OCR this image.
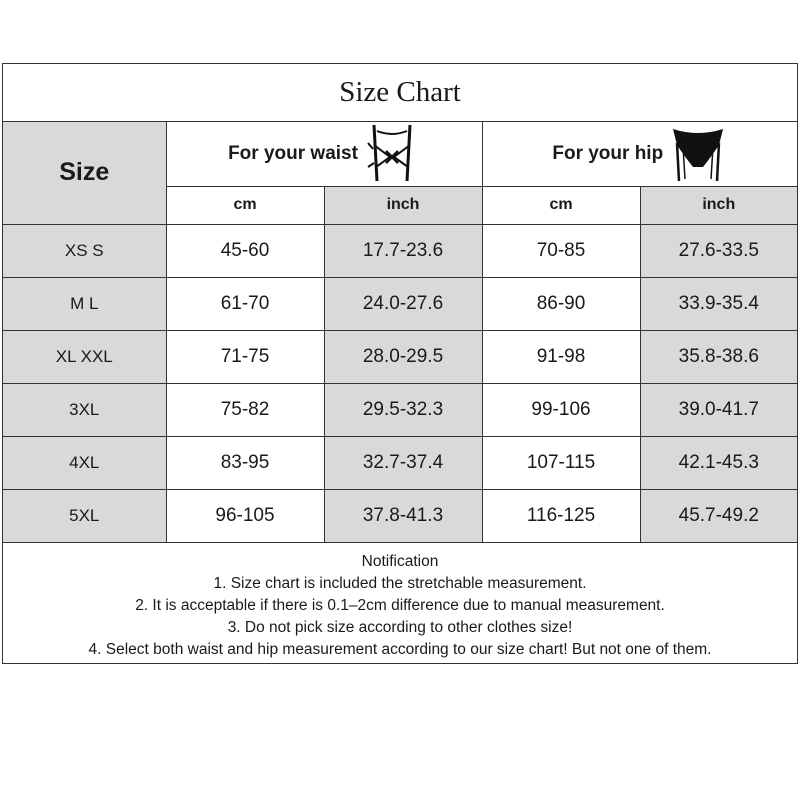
Size Chart
Size	For your waist		For your hip	

	cm	inch	cm	inch
XS S	45-60	17.7-23.6	70-85	27.6-33.5
M L	61-70	24.0-27.6	86-90	33.9-35.4
XL XXL	71-75	28.0-29.5	91-98	35.8-38.6
3XL	75-82	29.5-32.3	99-106	39.0-41.7
4XL	83-95	32.7-37.4	107-115	42.1-45.3
5XL	96-105	37.8-41.3	116-125	45.7-49.2
Notification
1. Size chart is included the stretchable measurement.
2. It is acceptable if there is 0.1–2cm difference due to manual measurement.
3. Do not pick size according to other clothes size!
4. Select both waist and hip measurement according to our size chart! But not one of them.
